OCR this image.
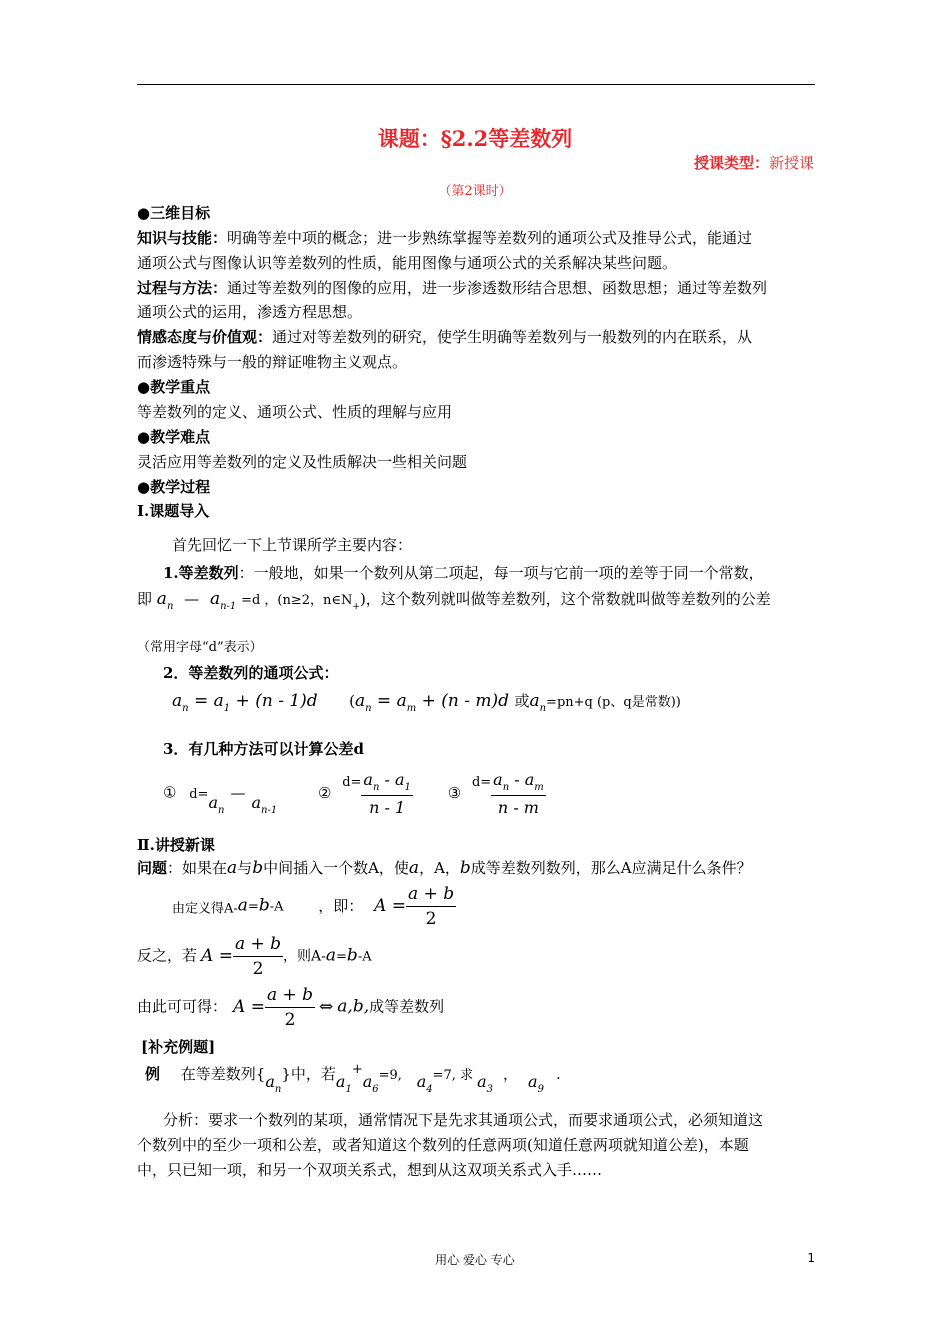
课题：§2.2等差数列
授课类型：新授课
（第2课时）
●三维目标
知识与技能：明确等差中项的概念；进一步熟练掌握等差数列的通项公式及推导公式，能通过
通项公式与图像认识等差数列的性质，能用图像与通项公式的关系解决某些问题。
过程与方法：通过等差数列的图像的应用，进一步渗透数形结合思想、函数思想；通过等差数列
通项公式的运用，渗透方程思想。
情感态度与价值观：通过对等差数列的研究，使学生明确等差数列与一般数列的内在联系，从
而渗透特殊与一般的辩证唯物主义观点。
●教学重点
等差数列的定义、通项公式、性质的理解与应用
●教学难点
灵活应用等差数列的定义及性质解决一些相关问题
●教学过程
Ⅰ.课题导入
首先回忆一下上节课所学主要内容：
1.等差数列：一般地，如果一个数列从第二项起，每一项与它前一项的差等于同一个常数，
即 $a_n$ — $a_{n-1} =d$ ，(n≥2，$n\in N_+$)，这个数列就叫做等差数列，这个常数就叫做等差数列的公差
（常用字母“d”表示）
2．等差数列的通项公式：
$a_n = a_1 + (n - 1)d$ ($a_n = a_m + (n - m)d$ 或$a_n=pn+q$ (p、q是常数))
3．有几种方法可以计算公差d
① $d=a_n—$ $a_{n-1}$ ② $d= \frac{a_n - a_1}{n - 1}$ ③ $d= \frac{a_n - a_m}{n - m}$
Ⅱ.讲授新课
问题：如果在a与b中间插入一个数A，使a，A，b成等差数列数列，那么A应满足什么条件？
由定义得A-a=b-A ，即： $A = \frac{a + b}{2}$
反之，若 $A = \frac{a + b}{2}$ ，则A-a=b-A
由此可可得： $A = \frac{a + b}{2}$ ⇔ a,b,成等差数列
[补充例题]
例 在等差数列$\{a_n\}$中，若$a_1+a_6=9$, $a_4=7$, 求 $a_3$， $a_9$.
分析：要求一个数列的某项，通常情况下是先求其通项公式，而要求通项公式，必须知道这
个数列中的至少一项和公差，或者知道这个数列的任意两项(知道任意两项就知道公差)，本题
中，只已知一项，和另一个双项关系式，想到从这双项关系式入手……
用心 爱心 专心	1
